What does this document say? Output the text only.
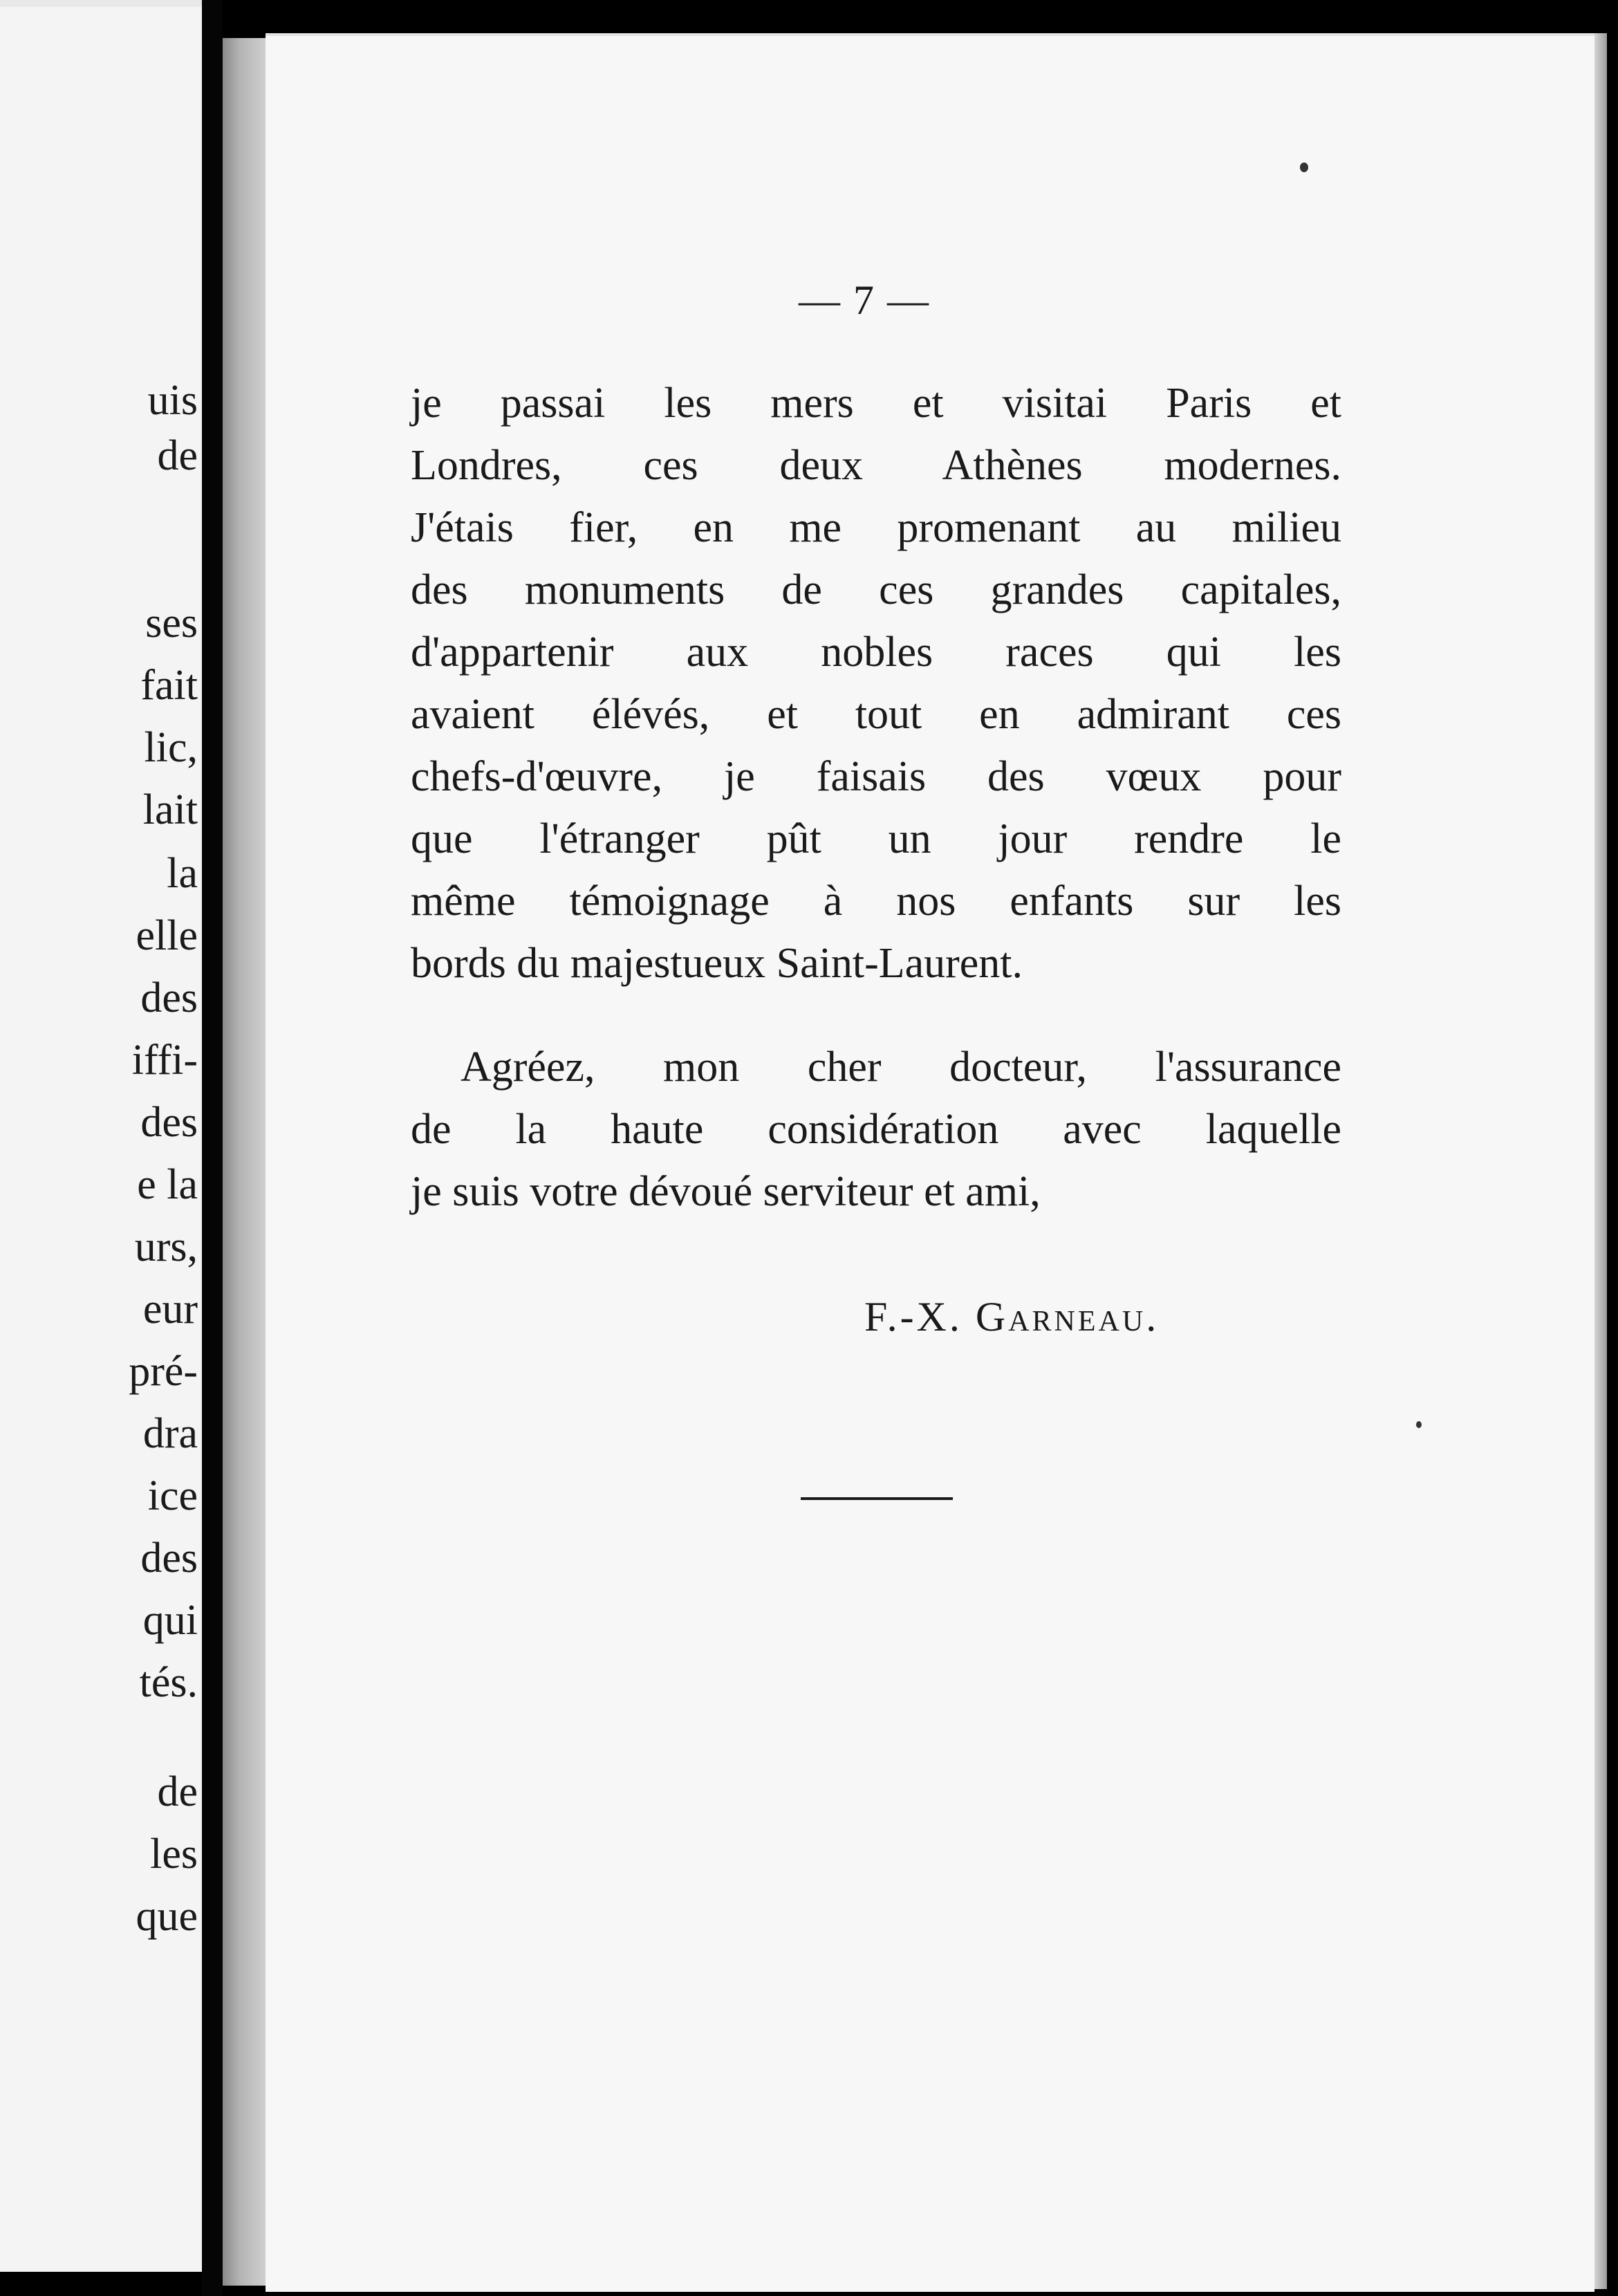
uis
de
ses
fait
lic,
lait
la
elle
des
iffi-
des
e la
urs,
eur
pré-
dra
ice
des
qui
tés.
de
les
que
— 7 —
je passai les mers et visitai Paris et
Londres, ces deux Athènes modernes.
J'étais fier, en me promenant au milieu
des monuments de ces grandes capitales,
d'appartenir aux nobles races qui les
avaient élévés, et tout en admirant ces
chefs-d'œuvre, je faisais des vœux pour
que l'étranger pût un jour rendre le
même témoignage à nos enfants sur les
bords du majestueux Saint-Laurent.
Agréez, mon cher docteur, l'assurance
de la haute considération avec laquelle
je suis votre dévoué serviteur et ami,
F.-X. Garneau.
